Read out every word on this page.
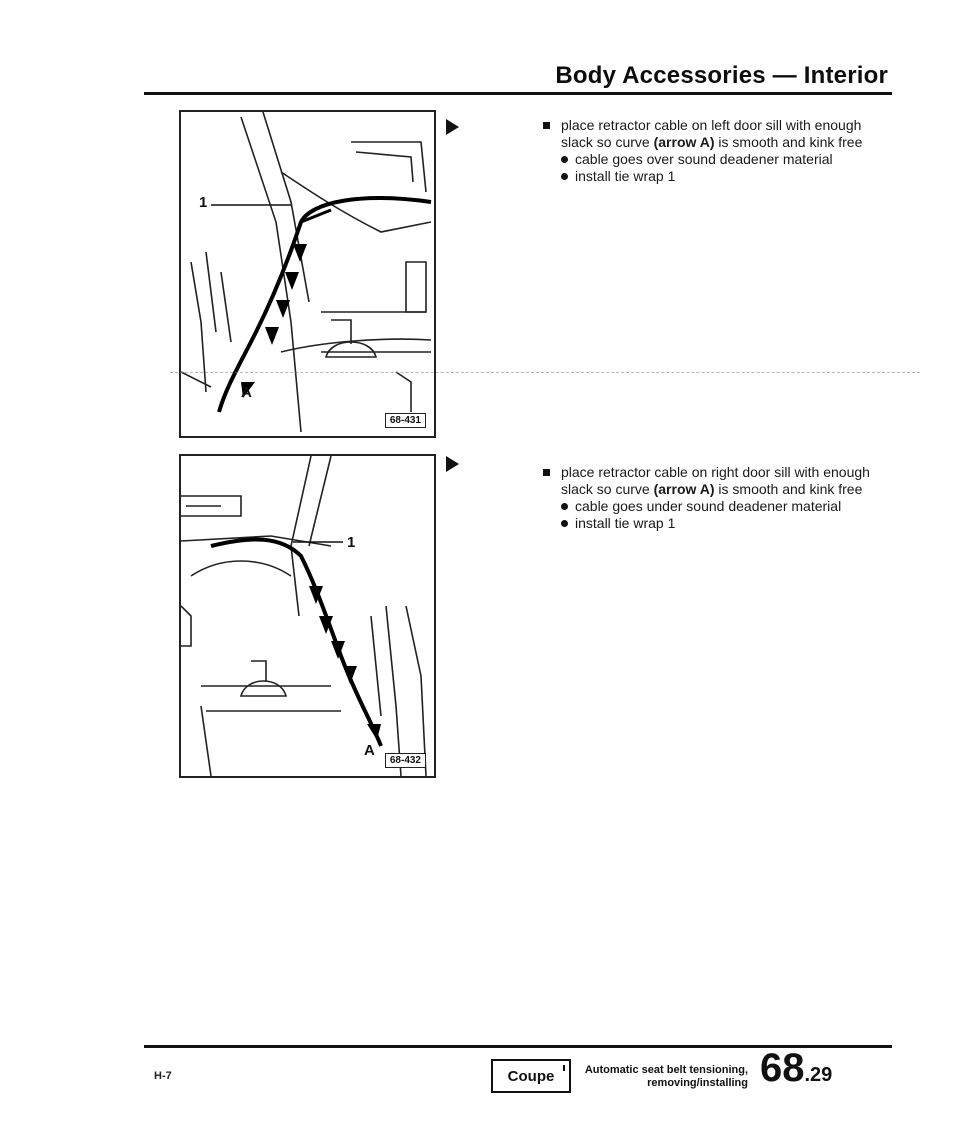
Body Accessories — Interior
1
A
68-431
1
A
68-432
place retractor cable on left door sill with enough slack so curve (arrow A) is smooth and kink free
cable goes over sound deadener material
install tie wrap 1
place retractor cable on right door sill with enough slack so curve (arrow A) is smooth and kink free
cable goes under sound deadener material
install tie wrap 1
H-7	Coupe	Automatic seat belt tensioning,
removing/installing 68.29
